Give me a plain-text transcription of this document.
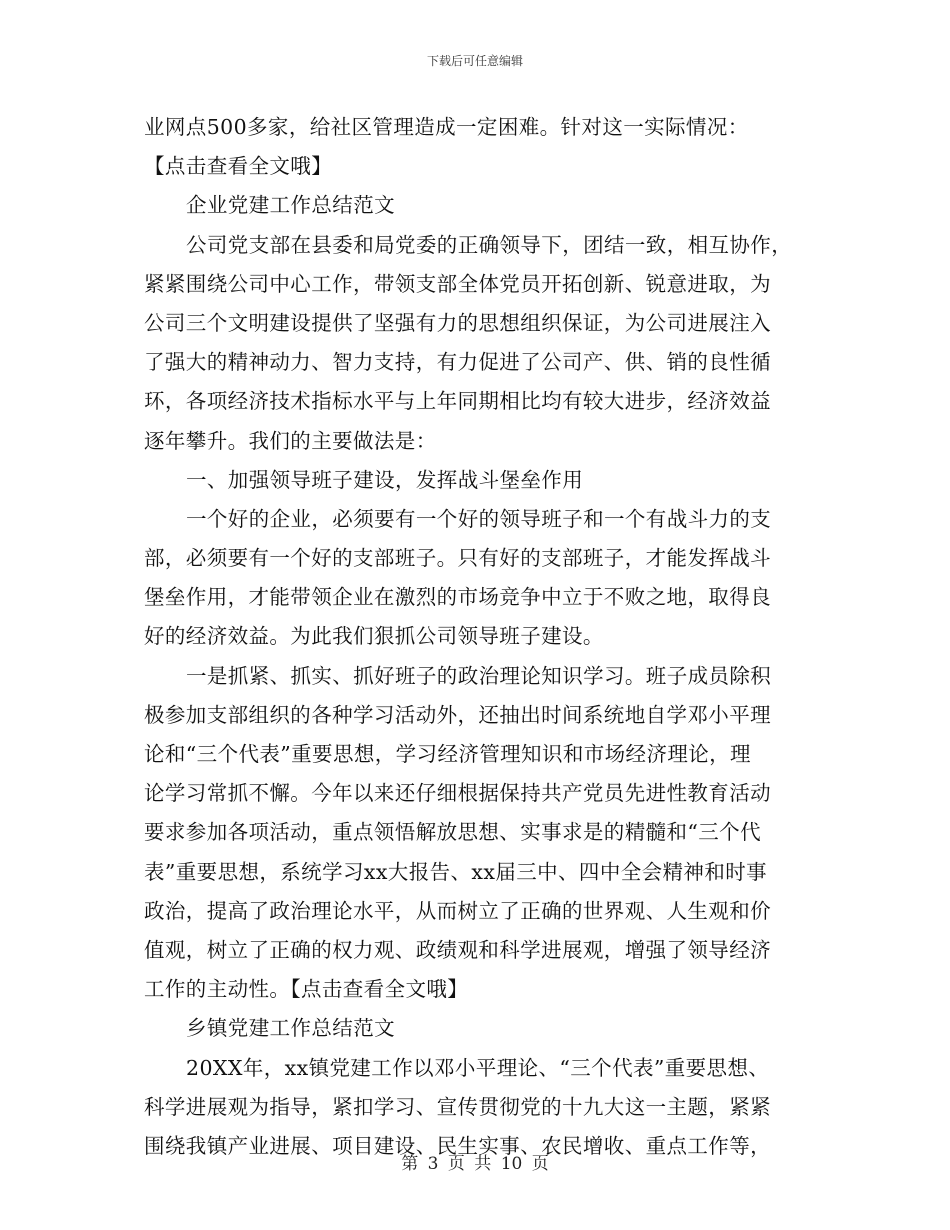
下载后可任意编辑
业网点500多家，给社区管理造成一定困难。针对这一实际情况：
【点击查看全文哦】
企业党建工作总结范文
公司党支部在县委和局党委的正确领导下，团结一致，相互协作，
紧紧围绕公司中心工作，带领支部全体党员开拓创新、锐意进取，为
公司三个文明建设提供了坚强有力的思想组织保证，为公司进展注入
了强大的精神动力、智力支持，有力促进了公司产、供、销的良性循
环，各项经济技术指标水平与上年同期相比均有较大进步，经济效益
逐年攀升。我们的主要做法是：
一、加强领导班子建设，发挥战斗堡垒作用
一个好的企业，必须要有一个好的领导班子和一个有战斗力的支
部，必须要有一个好的支部班子。只有好的支部班子，才能发挥战斗
堡垒作用，才能带领企业在激烈的市场竞争中立于不败之地，取得良
好的经济效益。为此我们狠抓公司领导班子建设。
一是抓紧、抓实、抓好班子的政治理论知识学习。班子成员除积
极参加支部组织的各种学习活动外，还抽出时间系统地自学邓小平理
论和“三个代表”重要思想，学习经济管理知识和市场经济理论，理
论学习常抓不懈。今年以来还仔细根据保持共产党员先进性教育活动
要求参加各项活动，重点领悟解放思想、实事求是的精髓和“三个代
表”重要思想，系统学习xx大报告、xx届三中、四中全会精神和时事
政治，提高了政治理论水平，从而树立了正确的世界观、人生观和价
值观，树立了正确的权力观、政绩观和科学进展观，增强了领导经济
工作的主动性。【点击查看全文哦】
乡镇党建工作总结范文
20XX年，xx镇党建工作以邓小平理论、“三个代表”重要思想、
科学进展观为指导，紧扣学习、宣传贯彻党的十九大这一主题，紧紧
围绕我镇产业进展、项目建设、民生实事、农民增收、重点工作等，
第 3 页 共 10 页
